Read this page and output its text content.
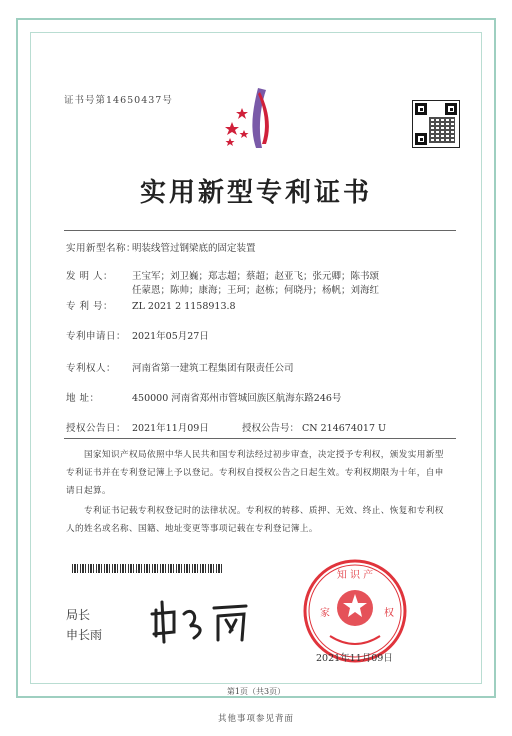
证书号第14650437号
实用新型专利证书
实用新型名称：明装线管过钢梁底的固定装置
发 明 人： 王宝军；刘卫巍；郑志超；蔡超；赵亚飞；张元卿；陈书颂
任蒙恩；陈帅；康海；王珂；赵栋；何晓丹；杨帆；刘海红
专 利 号： ZL 2021 2 1158913.8
专利申请日： 2021年05月27日
专利权人： 河南省第一建筑工程集团有限责任公司
地 址：	450000 河南省郑州市管城回族区航海东路246号
授权公告日： 2021年11月09日	授权公告号： CN 214674017 U
国家知识产权局依照中华人民共和国专利法经过初步审查，决定授予专利权，颁发实用新型专利证书并在专利登记簿上予以登记。专利权自授权公告之日起生效。专利权期限为十年，自申请日起算。
专利证书记载专利权登记时的法律状况。专利权的转移、质押、无效、终止、恢复和专利权人的姓名或名称、国籍、地址变更等事项记载在专利登记簿上。
局长
申长雨
知 识 产
家	权
2021年11月09日
第1页（共3页）
其他事项参见背面
